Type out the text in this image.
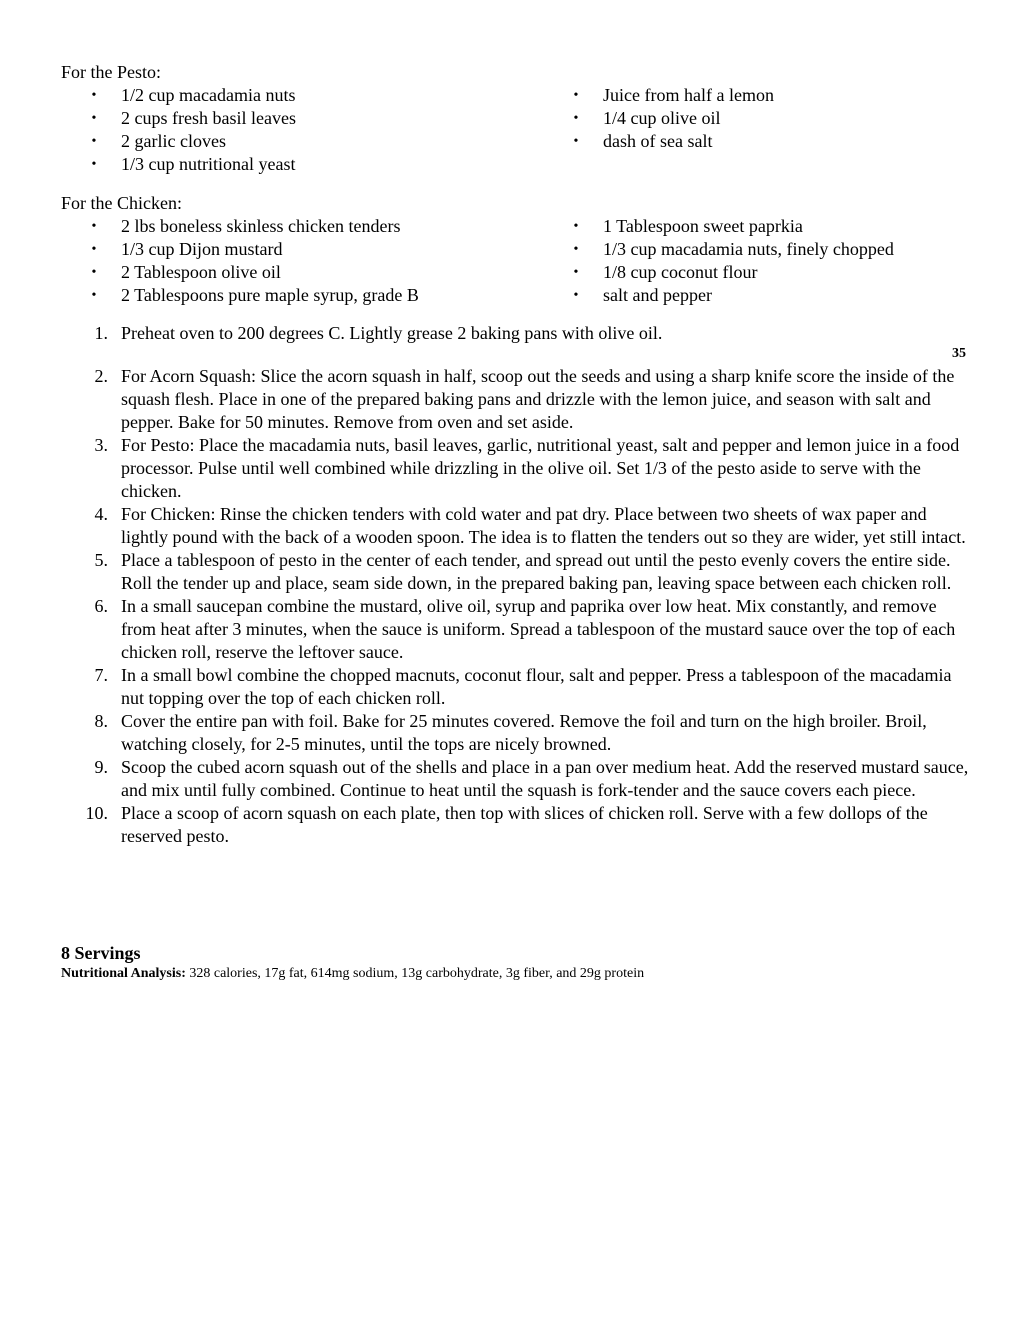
For the Pesto:
• 1/2 cup macadamia nuts
• 2 cups fresh basil leaves
• 2 garlic cloves
• 1/3 cup nutritional yeast
• Juice from half a lemon
• 1/4 cup olive oil
• dash of sea salt
For the Chicken:
• 2 lbs boneless skinless chicken tenders
• 1/3 cup Dijon mustard
• 2 Tablespoon olive oil
• 2 Tablespoons pure maple syrup, grade B
• 1 Tablespoon sweet paprkia
• 1/3 cup macadamia nuts, finely chopped
• 1/8 cup coconut flour
• salt and pepper
1. Preheat oven to 200 degrees C. Lightly grease 2 baking pans with olive oil.
35
2. For Acorn Squash: Slice the acorn squash in half, scoop out the seeds and using a sharp knife score the inside of the squash flesh. Place in one of the prepared baking pans and drizzle with the lemon juice, and season with salt and pepper. Bake for 50 minutes. Remove from oven and set aside.
3. For Pesto: Place the macadamia nuts, basil leaves, garlic, nutritional yeast, salt and pepper and lemon juice in a food processor. Pulse until well combined while drizzling in the olive oil. Set 1/3 of the pesto aside to serve with the chicken.
4. For Chicken: Rinse the chicken tenders with cold water and pat dry. Place between two sheets of wax paper and lightly pound with the back of a wooden spoon. The idea is to flatten the tenders out so they are wider, yet still intact.
5. Place a tablespoon of pesto in the center of each tender, and spread out until the pesto evenly covers the entire side. Roll the tender up and place, seam side down, in the prepared baking pan, leaving space between each chicken roll.
6. In a small saucepan combine the mustard, olive oil, syrup and paprika over low heat. Mix constantly, and remove from heat after 3 minutes, when the sauce is uniform. Spread a tablespoon of the mustard sauce over the top of each chicken roll, reserve the leftover sauce.
7. In a small bowl combine the chopped macnuts, coconut flour, salt and pepper. Press a tablespoon of the macadamia nut topping over the top of each chicken roll.
8. Cover the entire pan with foil. Bake for 25 minutes covered. Remove the foil and turn on the high broiler. Broil, watching closely, for 2-5 minutes, until the tops are nicely browned.
9. Scoop the cubed acorn squash out of the shells and place in a pan over medium heat. Add the reserved mustard sauce, and mix until fully combined. Continue to heat until the squash is fork-tender and the sauce covers each piece.
10. Place a scoop of acorn squash on each plate, then top with slices of chicken roll. Serve with a few dollops of the reserved pesto.
8 Servings
Nutritional Analysis: 328 calories, 17g fat, 614mg sodium, 13g carbohydrate, 3g fiber, and 29g protein
